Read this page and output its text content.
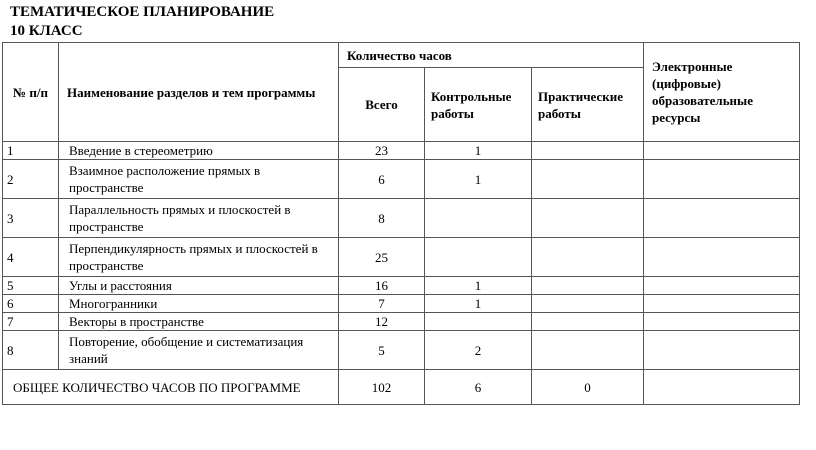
ТЕМАТИЧЕСКОЕ ПЛАНИРОВАНИЕ
10 КЛАСС
№ п/п	Наименование разделов и тем программы	Количество часов			Электронные (цифровые) образовательные ресурсы
		Всего	Контрольные работы	Практические работы	
1	Введение в стереометрию	23	1		
2	Взаимное расположение прямых в пространстве	6	1		
3	Параллельность прямых и плоскостей в пространстве	8			
4	Перпендикулярность прямых и плоскостей в пространстве	25			
5	Углы и расстояния	16	1		
6	Многогранники	7	1		
7	Векторы в пространстве	12			
8	Повторение, обобщение и систематизация знаний	5	2		
ОБЩЕЕ КОЛИЧЕСТВО ЧАСОВ ПО ПРОГРАММЕ		102	6	0	
